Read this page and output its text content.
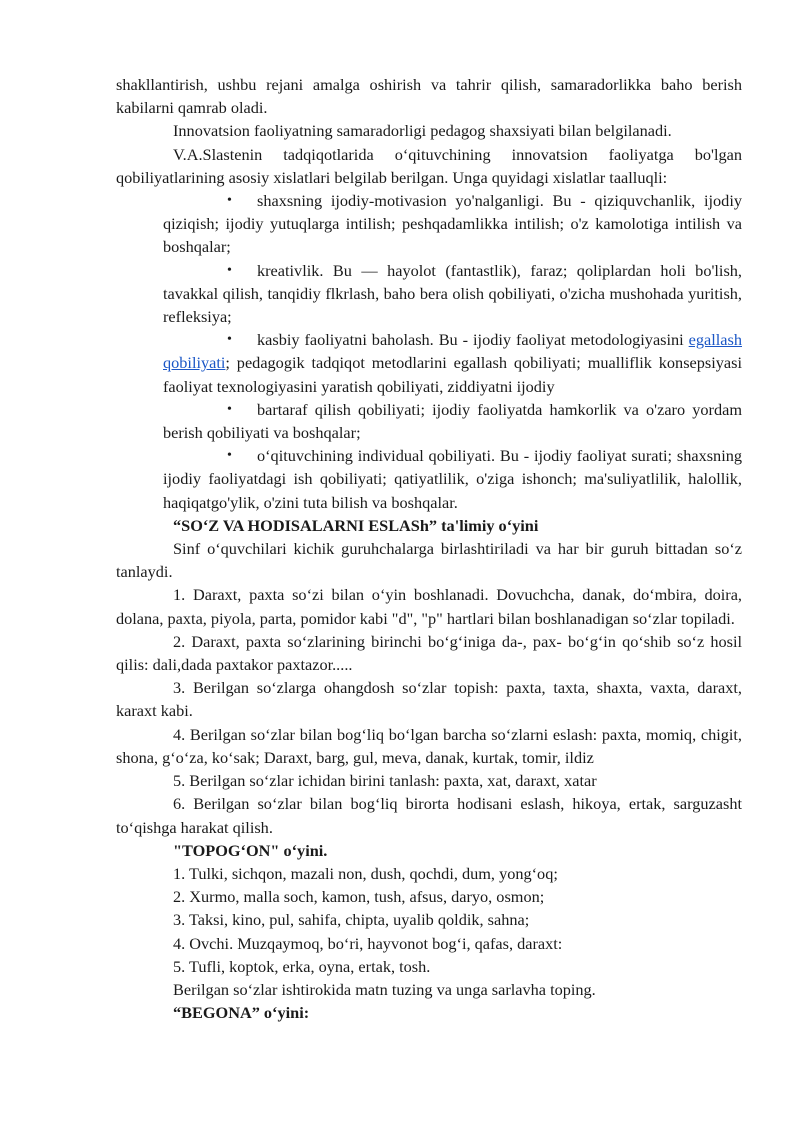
shakllantirish, ushbu rejani amalga oshirish va tahrir qilish, samaradorlikka baho berish kabilarni qamrab oladi.

Innovatsion faoliyatning samaradorligi pedagog shaxsiyati bilan belgilanadi.

V.A.Slastenin tadqiqotlarida o‘qituvchining innovatsion faoliyatga bo'lgan qobiliyatlarining asosiy xislatlari belgilab berilgan. Unga quyidagi xislatlar taalluqli:

• shaxsning ijodiy-motivasion yo'nalganligi. Bu - qiziquvchanlik, ijodiy qiziqish; ijodiy yutuqlarga intilish; peshqadamlikka intilish; o'z kamolotiga intilish va boshqalar;

• kreativlik. Bu — hayolot (fantastlik), faraz; qoliplardan holi bo'lish, tavakkal qilish, tanqidiy flkrlash, baho bera olish qobiliyati, o'zicha mushohada yuritish, refleksiya;

• kasbiy faoliyatni baholash. Bu - ijodiy faoliyat metodologiyasini egallash qobiliyati; pedagogik tadqiqot metodlarini egallash qobiliyati; mualliflik konsepsiyasi faoliyat texnologiyasini yaratish qobiliyati, ziddiyatni ijodiy

• bartaraf qilish qobiliyati; ijodiy faoliyatda hamkorlik va o'zaro yordam berish qobiliyati va boshqalar;

• o‘qituvchining individual qobiliyati. Bu - ijodiy faoliyat surati; shaxsning ijodiy faoliyatdagi ish qobiliyati; qatiyatlilik, o'ziga ishonch; ma'suliyatlilik, halollik, haqiqatgo'ylik, o'zini tuta bilish va boshqalar.

“SO‘Z VA HODISALARNI ESLASh” ta'limiy o‘yini

Sinf o‘quvchilari kichik guruhchalarga birlashtiriladi va har bir guruh bittadan so‘z tanlaydi.

1. Daraxt, paxta so‘zi bilan o‘yin boshlanadi. Dovuchcha, danak, do‘mbira, doira, dolana, paxta, piyola, parta, pomidor kabi "d", "p" hartlari bilan boshlanadigan so‘zlar topiladi.

2. Daraxt, paxta so‘zlarining birinchi bo‘g‘iniga da-, pax- bo‘g‘in qo‘shib so‘z hosil qilis: dali,dada paxtakor paxtazor.....

3. Berilgan so‘zlarga ohangdosh so‘zlar topish: paxta, taxta, shaxta, vaxta, daraxt, karaxt kabi.

4. Berilgan so‘zlar bilan bog‘liq bo‘lgan barcha so‘zlarni eslash: paxta, momiq, chigit, shona, g‘o‘za, ko‘sak; Daraxt, barg, gul, meva, danak, kurtak, tomir, ildiz

5. Berilgan so‘zlar ichidan birini tanlash: paxta, xat, daraxt, xatar

6. Berilgan so‘zlar bilan bog‘liq birorta hodisani eslash, hikoya, ertak, sarguzasht to‘qishga harakat qilish.

"TOPOG‘ON" o‘yini.

1. Tulki, sichqon, mazali non, dush, qochdi, dum, yong‘oq;

2. Xurmo, malla soch, kamon, tush, afsus, daryo, osmon;

3. Taksi, kino, pul, sahifa, chipta, uyalib qoldik, sahna;

4. Ovchi. Muzqaymoq, bo‘ri, hayvonot bog‘i, qafas, daraxt:

5. Tufli, koptok, erka, oyna, ertak, tosh.

Berilgan so‘zlar ishtirokida matn tuzing va unga sarlavha toping.

“BEGONA” o‘yini:
